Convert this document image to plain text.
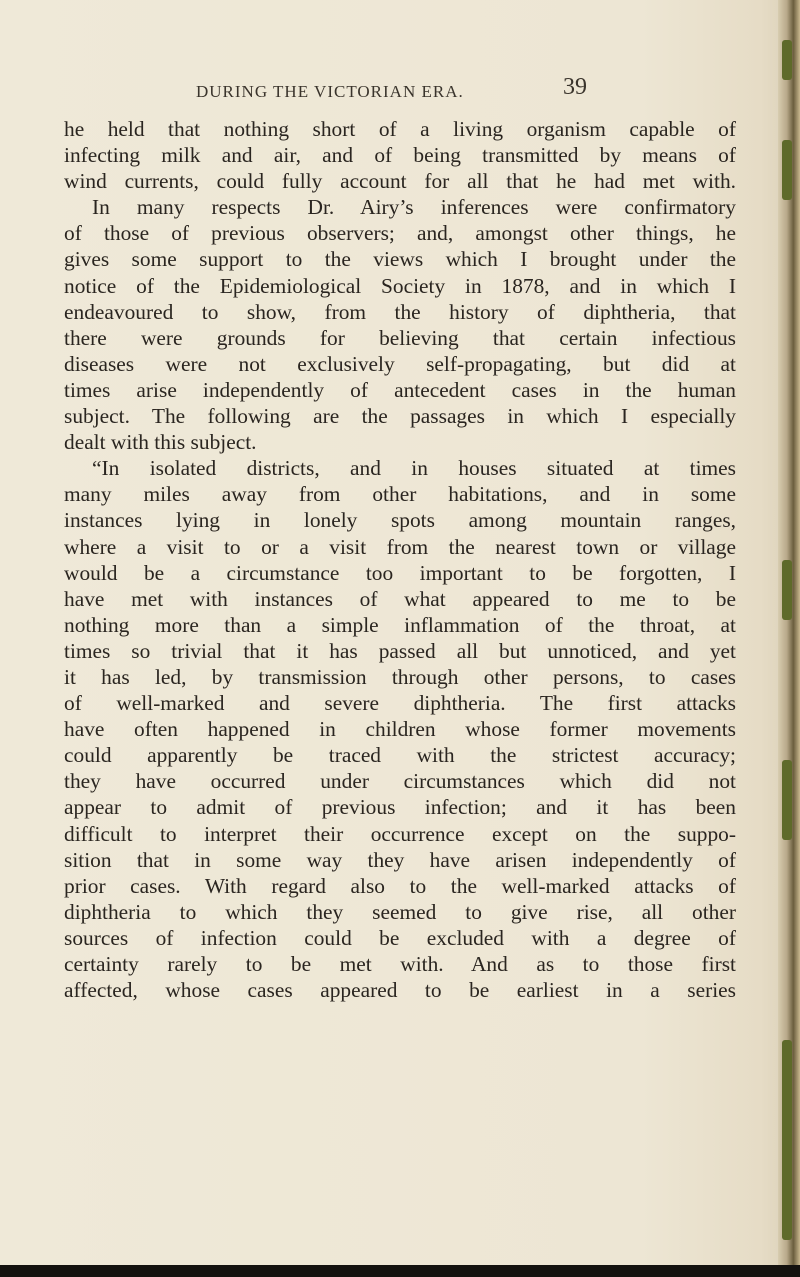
DURING THE VICTORIAN ERA.	39
he held that nothing short of a living organism capable of
infecting milk and air, and of being transmitted by means of
wind currents, could fully account for all that he had met with.
In many respects Dr. Airy’s inferences were confirmatory
of those of previous observers; and, amongst other things, he
gives some support to the views which I brought under the
notice of the Epidemiological Society in 1878, and in which I
endeavoured to show, from the history of diphtheria, that
there were grounds for believing that certain infectious
diseases were not exclusively self-propagating, but did at
times arise independently of antecedent cases in the human
subject. The following are the passages in which I especially
dealt with this subject.
“In isolated districts, and in houses situated at times
many miles away from other habitations, and in some
instances lying in lonely spots among mountain ranges,
where a visit to or a visit from the nearest town or village
would be a circumstance too important to be forgotten, I
have met with instances of what appeared to me to be
nothing more than a simple inflammation of the throat, at
times so trivial that it has passed all but unnoticed, and yet
it has led, by transmission through other persons, to cases
of well-marked and severe diphtheria. The first attacks
have often happened in children whose former movements
could apparently be traced with the strictest accuracy;
they have occurred under circumstances which did not
appear to admit of previous infection; and it has been
difficult to interpret their occurrence except on the suppo-
sition that in some way they have arisen independently of
prior cases. With regard also to the well-marked attacks of
diphtheria to which they seemed to give rise, all other
sources of infection could be excluded with a degree of
certainty rarely to be met with. And as to those first
affected, whose cases appeared to be earliest in a series
